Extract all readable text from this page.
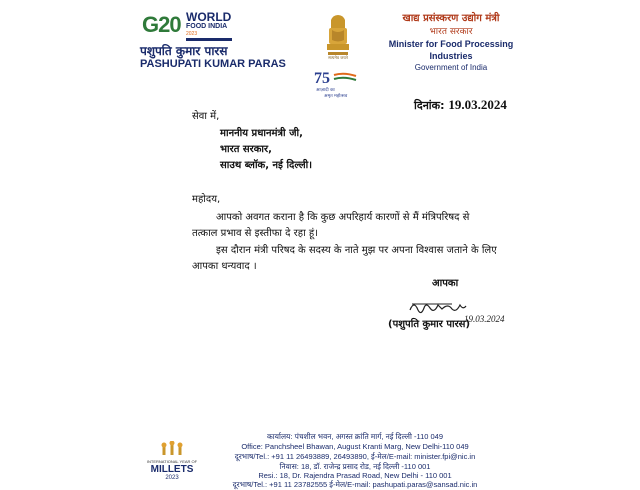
G20 WORLD
FOOD INDIA
2023
पशुपति कुमार पारस
PASHUPATI KUMAR PARAS
सत्यमेव जयते
75
आज़ादी का
अमृत महोत्सव
खाद्य प्रसंस्करण उद्योग मंत्री
भारत सरकार
Minister for Food Processing Industries
Government of India
दिनांक: 19.03.2024
सेवा में,
माननीय प्रधानमंत्री जी,
भारत सरकार,
साउथ ब्लॉक, नई दिल्ली।
महोदय,
आपको अवगत कराना है कि कुछ अपरिहार्य कारणों से मैं मंत्रिपरिषद से
तत्काल प्रभाव से इस्तीफा दे रहा हूं।
इस दौरान मंत्री परिषद के सदस्य के नाते मुझ पर अपना विश्वास जताने के लिए
आपका धन्यवाद ।
आपका
19.03.2024
(पशुपति कुमार पारस)
INTERNATIONAL YEAR OF
MILLETS
2023
कार्यालय: पंचशील भवन, अगस्त क्रांति मार्ग, नई दिल्ली -110 049
Office: Panchsheel Bhawan, August Kranti Marg, New Delhi-110 049
दूरभाष/Tel.: +91 11 26493889, 26493890, ई-मेल/E-mail: minister.fpi@nic.in
निवास: 18, डॉ. राजेन्द्र प्रसाद रोड, नई दिल्ली -110 001
Resi.: 18, Dr. Rajendra Prasad Road, New Delhi - 110 001
दूरभाष/Tel.: +91 11 23782555 ई-मेल/E-mail: pashupati.paras@sansad.nic.in
